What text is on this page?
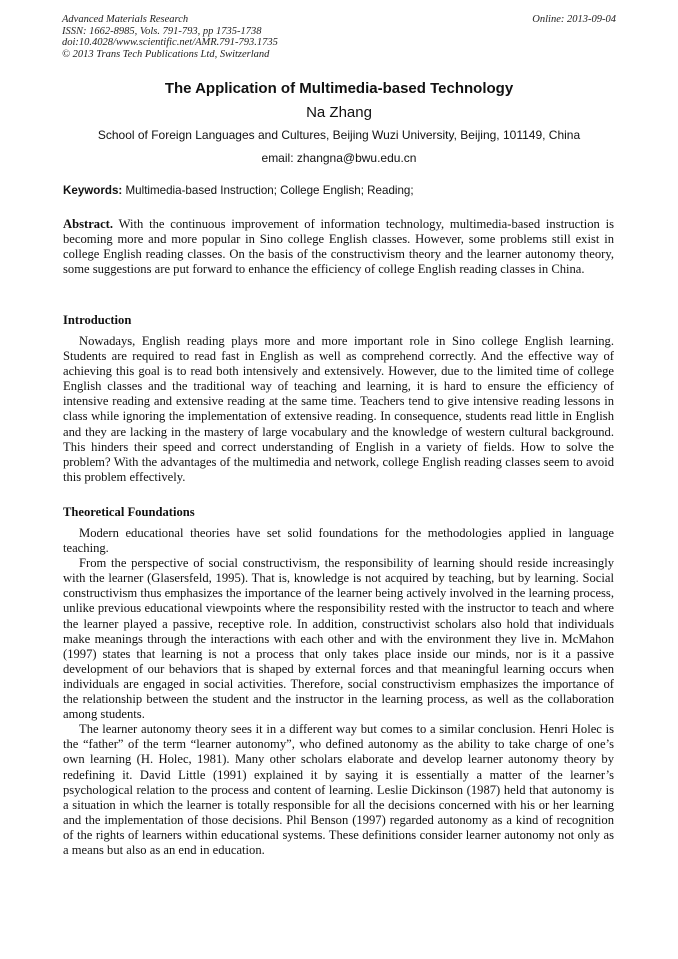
Advanced Materials Research
ISSN: 1662-8985, Vols. 791-793, pp 1735-1738
doi:10.4028/www.scientific.net/AMR.791-793.1735
© 2013 Trans Tech Publications Ltd, Switzerland
Online: 2013-09-04
The Application of Multimedia-based Technology
Na Zhang
School of Foreign Languages and Cultures, Beijing Wuzi University, Beijing, 101149, China
email: zhangna@bwu.edu.cn
Keywords: Multimedia-based Instruction; College English; Reading;
Abstract. With the continuous improvement of information technology, multimedia-based instruction is becoming more and more popular in Sino college English classes. However, some problems still exist in college English reading classes. On the basis of the constructivism theory and the learner autonomy theory, some suggestions are put forward to enhance the efficiency of college English reading classes in China.
Introduction

Nowadays, English reading plays more and more important role in Sino college English learning. Students are required to read fast in English as well as comprehend correctly. And the effective way of achieving this goal is to read both intensively and extensively. However, due to the limited time of college English classes and the traditional way of teaching and learning, it is hard to ensure the efficiency of intensive reading and extensive reading at the same time. Teachers tend to give intensive reading lessons in class while ignoring the implementation of extensive reading. In consequence, students read little in English and they are lacking in the mastery of large vocabulary and the knowledge of western cultural background. This hinders their speed and correct understanding of English in a variety of fields. How to solve the problem? With the advantages of the multimedia and network, college English reading classes seem to avoid this problem effectively.

Theoretical Foundations

Modern educational theories have set solid foundations for the methodologies applied in language teaching.

From the perspective of social constructivism, the responsibility of learning should reside increasingly with the learner (Glasersfeld, 1995). That is, knowledge is not acquired by teaching, but by learning. Social constructivism thus emphasizes the importance of the learner being actively involved in the learning process, unlike previous educational viewpoints where the responsibility rested with the instructor to teach and where the learner played a passive, receptive role. In addition, constructivist scholars also hold that individuals make meanings through the interactions with each other and with the environment they live in. McMahon (1997) states that learning is not a process that only takes place inside our minds, nor is it a passive development of our behaviors that is shaped by external forces and that meaningful learning occurs when individuals are engaged in social activities. Therefore, social constructivism emphasizes the importance of the relationship between the student and the instructor in the learning process, as well as the collaboration among students.

The learner autonomy theory sees it in a different way but comes to a similar conclusion. Henri Holec is the “father” of the term “learner autonomy”, who defined autonomy as the ability to take charge of one’s own learning (H. Holec, 1981). Many other scholars elaborate and develop learner autonomy theory by redefining it. David Little (1991) explained it by saying it is essentially a matter of the learner’s psychological relation to the process and content of learning. Leslie Dickinson (1987) held that autonomy is a situation in which the learner is totally responsible for all the decisions concerned with his or her learning and the implementation of those decisions. Phil Benson (1997) regarded autonomy as a kind of recognition of the rights of learners within educational systems. These definitions consider learner autonomy not only as a means but also as an end in education.
